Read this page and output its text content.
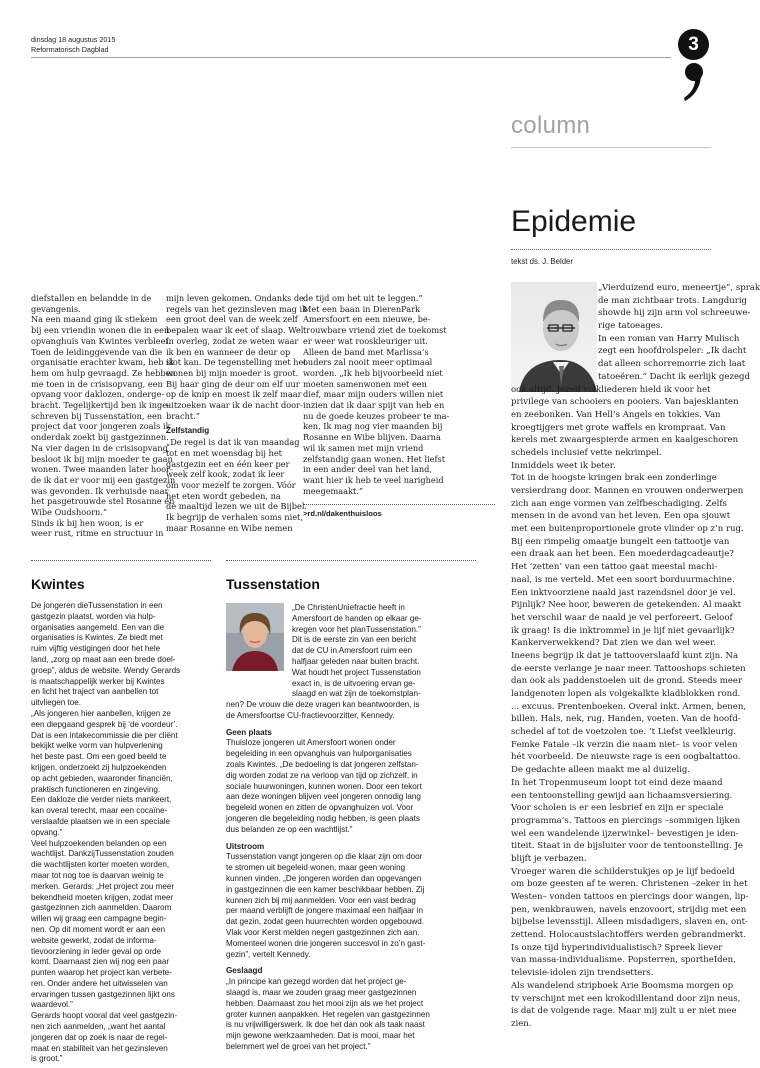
dinsdag 18 augustus 2015
Reformatorisch Dagblad	3
column
Epidemie
tekst ds. J. Belder

„Vierduizend euro, meneertje”, sprak

de man zichtbaar trots. Langdurig

showde hij zijn arm vol schreeuwe-

rige tatoeages.

In een roman van Harry Mulisch

zegt een hoofdrolspeler: „Ik dacht

dat alleen schorremorrie zich laat

tatoeëren.” Dacht ik eerlijk gezegd

ook altijd. Jezelf volkliederen hield ik voor het

privilege van schooiers en pooiers. Van bajesklanten

en zeebonken. Van Hell’s Angels en tokkies. Van

kroegtijgers met grote waffels en krompraat. Van

kerels met zwaargespierde armen en kaalgeschoren

schedels inclusief vette nekrimpel.

Inmiddels weet ik beter.

Tot in de hoogste kringen brak een zonderlinge

versierdrang door. Mannen en vrouwen onderwerpen

zich aan enge vormen van zelfbeschadiging. Zelfs

mensen in de avond van het leven. Een opa sjouwt

met een buitenproportionele grote vlinder op z’n rug.

Bij een rimpelig omaatje bungelt een tattootje van

een draak aan het been. Een moederdagcadeautje?

Het ‘zetten’ van een tattoo gaat meestal machi-

naal, is me verteld. Met een soort borduurmachine.

Een inktvoorziene naald jast razendsnel door je vel.

Pijnlijk? Nee hoor, beweren de getekenden. Al maakt

het verschil waar de naald je vel perforeert. Geloof

ik graag! Is die inktrommel in je lijf niet gevaarlijk?

Kankerverwekkend? Dat zien we dan wel weer.

Ineens begrijp ik dat je tattooverslaafd kunt zijn. Na

de eerste verlange je naar meer. Tattooshops schieten

dan ook als paddenstoelen uit de grond. Steeds meer

landgenoten lopen als volgekalkte kladblokken rond.

... excuus. Prentenboeken. Overal inkt. Armen, benen,

billen. Hals, nek, rug. Handen, voeten. Van de hoofd-

schedel af tot de voetzolen toe. ’t Liefst veelkleurig.

Femke Fatale –ik verzin die naam niet– is voor velen

hét voorbeeld. De nieuwste rage is een oogbaltattoo.

De gedachte alleen maakt me al duizelig.

In het Tropenmuseum loopt tot eind deze maand

een tentoonstelling gewijd aan lichaamsversiering.

Voor scholen is er een lesbrief en zijn er speciale

programma’s. Tattoos en piercings –sommigen lijken

wel een wandelende ijzerwinkel– bevestigen je iden-

titeit. Staat in de bijsluiter voor de tentoonstelling. Je

blijft je verbazen.

Vroeger waren die schilderstukjes op je lijf bedoeld

om boze geesten af te weren. Christenen –zeker in het

Westen– vonden tattoos en piercings door wangen, lip-

pen, wenkbrauwen, navels enzovoort, strijdig met een

bijbelse levensstijl. Alleen misdadigers, slaven en, ont-

zettend. Holocaustslachtoffers werden gebrandmerkt.

Is onze tijd hyperindividualistisch? Spreek liever

van massa-individualisme. Popsterren, sportheIden,

televisie-idolen zijn trendsetters.

Als wandelend stripboek Arie Boomsma morgen op

tv verschijnt met een krokodillentand door zijn neus,

is dat de volgende rage. Maar mij zult u er niet mee

zien.

diefstallen en belandde in de

gevangenis.

Na een maand ging ik stiekem

bij een vriendin wonen die in een

opvanghuis van Kwintes verbleef.

Toen de leidinggevende van die

organisatie erachter kwam, heb ik

hem om hulp gevraagd. Ze hebben

me toen in de crisisopvang, een

opvang voor daklozen, onderge-

bracht. Tegelijkertijd ben ik inge-

schreven bij Tussenstation, een

project dat voor jongeren zoals ik

onderdak zoekt bij gastgezinnen.

Na vier dagen in de crisisopvang

besloot ik bij mijn moeder te gaan

wonen. Twee maanden later hoor-

de ik dat er voor mij een gastgezin

was gevonden. Ik verhuisde naar

het pasgetrouwde stel Rosanne en

Wibe Oudshoorn.”

Sinds ik bij hen woon, is er

weer rust, ritme en structuur in

mijn leven gekomen. Ondanks de

regels van het gezinsleven mag ik

een groot deel van de week zelf

bepalen waar ik eet of slaap. Wel

in overleg, zodat ze weten waar

ik ben en wanneer de deur op

slot kan. De tegenstelling met het

wonen bij mijn moeder is groot.

Bij haar ging de deur om elf uur

op de knip en moest ik zelf maar

uitzoeken waar ik de nacht door-

bracht.”

Zelfstandig

„De regel is dat ik van maandag

tot en met woensdag bij het

gastgezin eet en één keer per

week zelf kook, zodat ik leer

om voor mezelf te zorgen. Vóór

het eten wordt gebeden, na

de maaltijd lezen we uit de Bijbel.

Ik begrijp de verhalen soms niet,

maar Rosanne en Wibe nemen

de tijd om het uit te leggen.”

Met een baan in DierenPark

Amersfoort en een nieuwe, be-

trouwbare vriend ziet de toekomst

er weer wat rooskleuriger uit.

Alleen de band met Marlissa’s

ouders zal nooit meer optimaal

worden. „Ik heb bijvoorbeeld niet

moeten samenwonen met een

dief, maar mijn ouders willen niet

inzien dat ik daar spijt van heb en

nu de goede keuzes probeer te ma-

ken. Ik mag nog vier maanden bij

Rosanne en Wibe blijven. Daarna

wil ik samen met mijn vriend

zelfstandig gaan wonen. Het liefst

in een ander deel van het land,

want hier ik heb te veel narigheid

meegemaakt.”

>rd.nl/dakenthuisloos

Kwintes

De jongeren dieTussenstation in een

gastgezin plaatst, worden via hulp-

organisaties aangemeld. Een van die

organisaties is Kwintes. Ze biedt met

ruim vijftig vestigingen door het hele

land, „zorg op maat aan een brede doel-

groep”, aldus de website. Wendy Gerards

is maatschappelijk werker bij Kwintes

en licht het traject van aanbellen tot

uitvliegen toe.

„Als jongeren hier aanbellen, krijgen ze

een diepgaand gesprek bij ‘de voordeur’.

Dat is een intakecommissie die per cliënt

bekijkt welke vorm van hulpverlening

het beste past. Om een goed beeld te

krijgen, onderzoekt zij hulpzoekenden

op acht gebieden, waaronder financiën,

praktisch functioneren en zingeving.

Een dakloze die verder niets mankeert,

kan overal terecht, maar een cocaïne-

verslaafde plaatsen we in een speciale

opvang.”

Veel hulpzoekenden belanden op een

wachtlijst. DankzijTussenstation zouden

die wachtlijsten korter moeten worden,

maar tot nog toe is daarvan weinig te

merken. Gerards: „Het project zou meer

bekendheid moeten krijgen, zodat meer

gastgezinnen zich aanmelden. Daarom

willen wij graag een campagne begin-

nen. Op dit moment wordt er aan een

website gewerkt, zodat de informa-

tievoorziening in ieder geval op orde

komt. Daarnaast zien wij nog een paar

punten waarop het project kan verbete-

ren. Onder andere het uitwisselen van

ervaringen tussen gastgezinnen lijkt ons

waardevol.”

Gerards hoopt vooral dat veel gastgezin-

nen zich aanmelden, „want het aantal

jongeren dat op zoek is naar de regel-

maat en stabiliteit van het gezinsleven

is groot.”

Tussenstation

„De ChristenUniefractie heeft in

Amersfoort de handen op elkaar ge-

kregen voor het planTussenstation.”

Dit is de eerste zin van een bericht

dat de CU in Amersfoort ruim een

halfjaar geleden naar buiten bracht.

Wat houdt het project Tussenstation

exact in, is de uitvoering ervan ge-

slaagd en wat zijn de toekomstplan-

nen? De vrouw die deze vragen kan beantwoorden, is

de Amersfoortse CU-fractievoorzitter, Kennedy.

Geen plaats

Thuisloze jongeren uit Amersfoort wonen onder

begeleiding in een opvanghuis van hulporganisaties

zoals Kwintes. „De bedoeling is dat jongeren zelfstan-

dig worden zodat ze na verloop van tijd op zichzelf, in

sociale huurwoningen, kunnen wonen. Door een tekort

aan deze woningen blijven veel jongeren onnodig lang

begeleid wonen en zitten de opvanghuizen vol. Voor

jongeren die begeleiding nodig hebben, is geen plaats

dus belanden ze op een wachtlijst.”

Uitstroom

Tussenstation vangt jongeren op die klaar zijn om door

te stromen uit begeleid wonen, maar geen woning

kunnen vinden. „De jongeren worden dan opgevangen

in gastgezinnen die een kamer beschikbaar hebben. Zij

kunnen zich bij mij aanmelden. Voor een vast bedrag

per maand verblijft de jongere maximaal een halfjaar in

dat gezin, zodat geen huurrechten worden opgebouwd.

Vlak voor Kerst melden negen gastgezinnen zich aan.

Momenteel wonen drie jongeren succesvol in zo’n gast-

gezin”, vertelt Kennedy.

Geslaagd

„In principe kan gezegd worden dat het project ge-

slaagd is, maar we zouden graag meer gastgezinnen

hebben. Daarnaast zou het mooi zijn als we het project

groter kunnen aanpakken. Het regelen van gastgezinnen

is nu vrijwilligerswerk. Ik doe het dan ook als taak naast

mijn gewone werkzaamheden. Dat is mooi, maar het

belemmert wel de groei van het project.”
